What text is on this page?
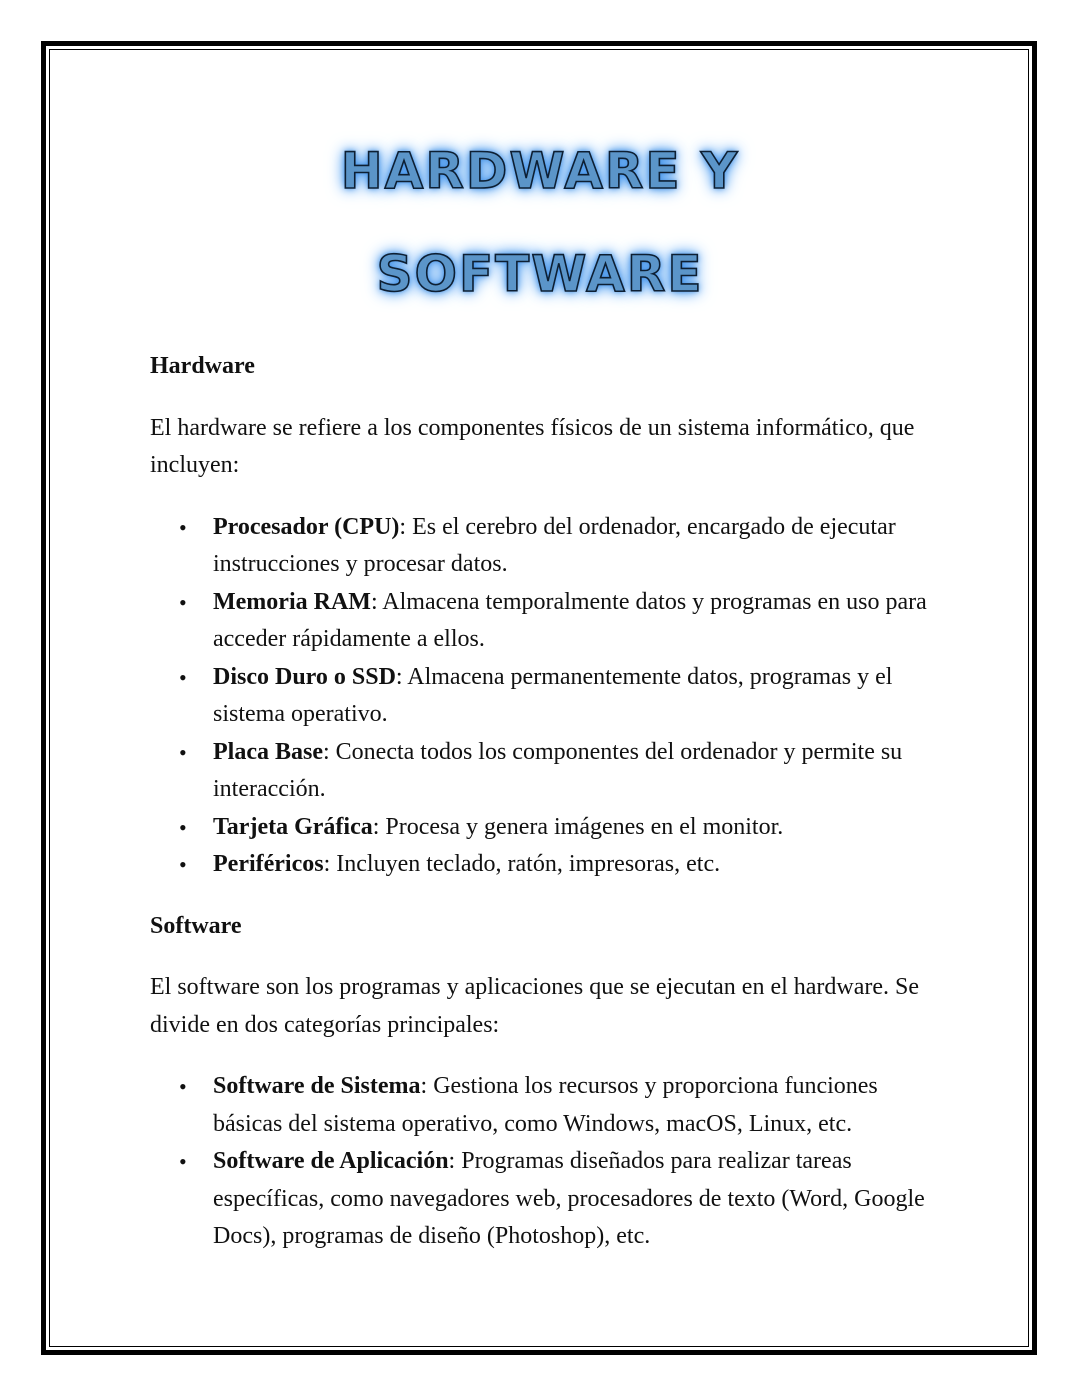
HARDWARE Y
SOFTWARE
Hardware

El hardware se refiere a los componentes físicos de un sistema informático, que incluyen:

• Procesador (CPU): Es el cerebro del ordenador, encargado de ejecutar instrucciones y procesar datos.
• Memoria RAM: Almacena temporalmente datos y programas en uso para acceder rápidamente a ellos.
• Disco Duro o SSD: Almacena permanentemente datos, programas y el sistema operativo.
• Placa Base: Conecta todos los componentes del ordenador y permite su interacción.
• Tarjeta Gráfica: Procesa y genera imágenes en el monitor.
• Periféricos: Incluyen teclado, ratón, impresoras, etc.
Software

El software son los programas y aplicaciones que se ejecutan en el hardware. Se divide en dos categorías principales:

• Software de Sistema: Gestiona los recursos y proporciona funciones básicas del sistema operativo, como Windows, macOS, Linux, etc.
• Software de Aplicación: Programas diseñados para realizar tareas específicas, como navegadores web, procesadores de texto (Word, Google Docs), programas de diseño (Photoshop), etc.
